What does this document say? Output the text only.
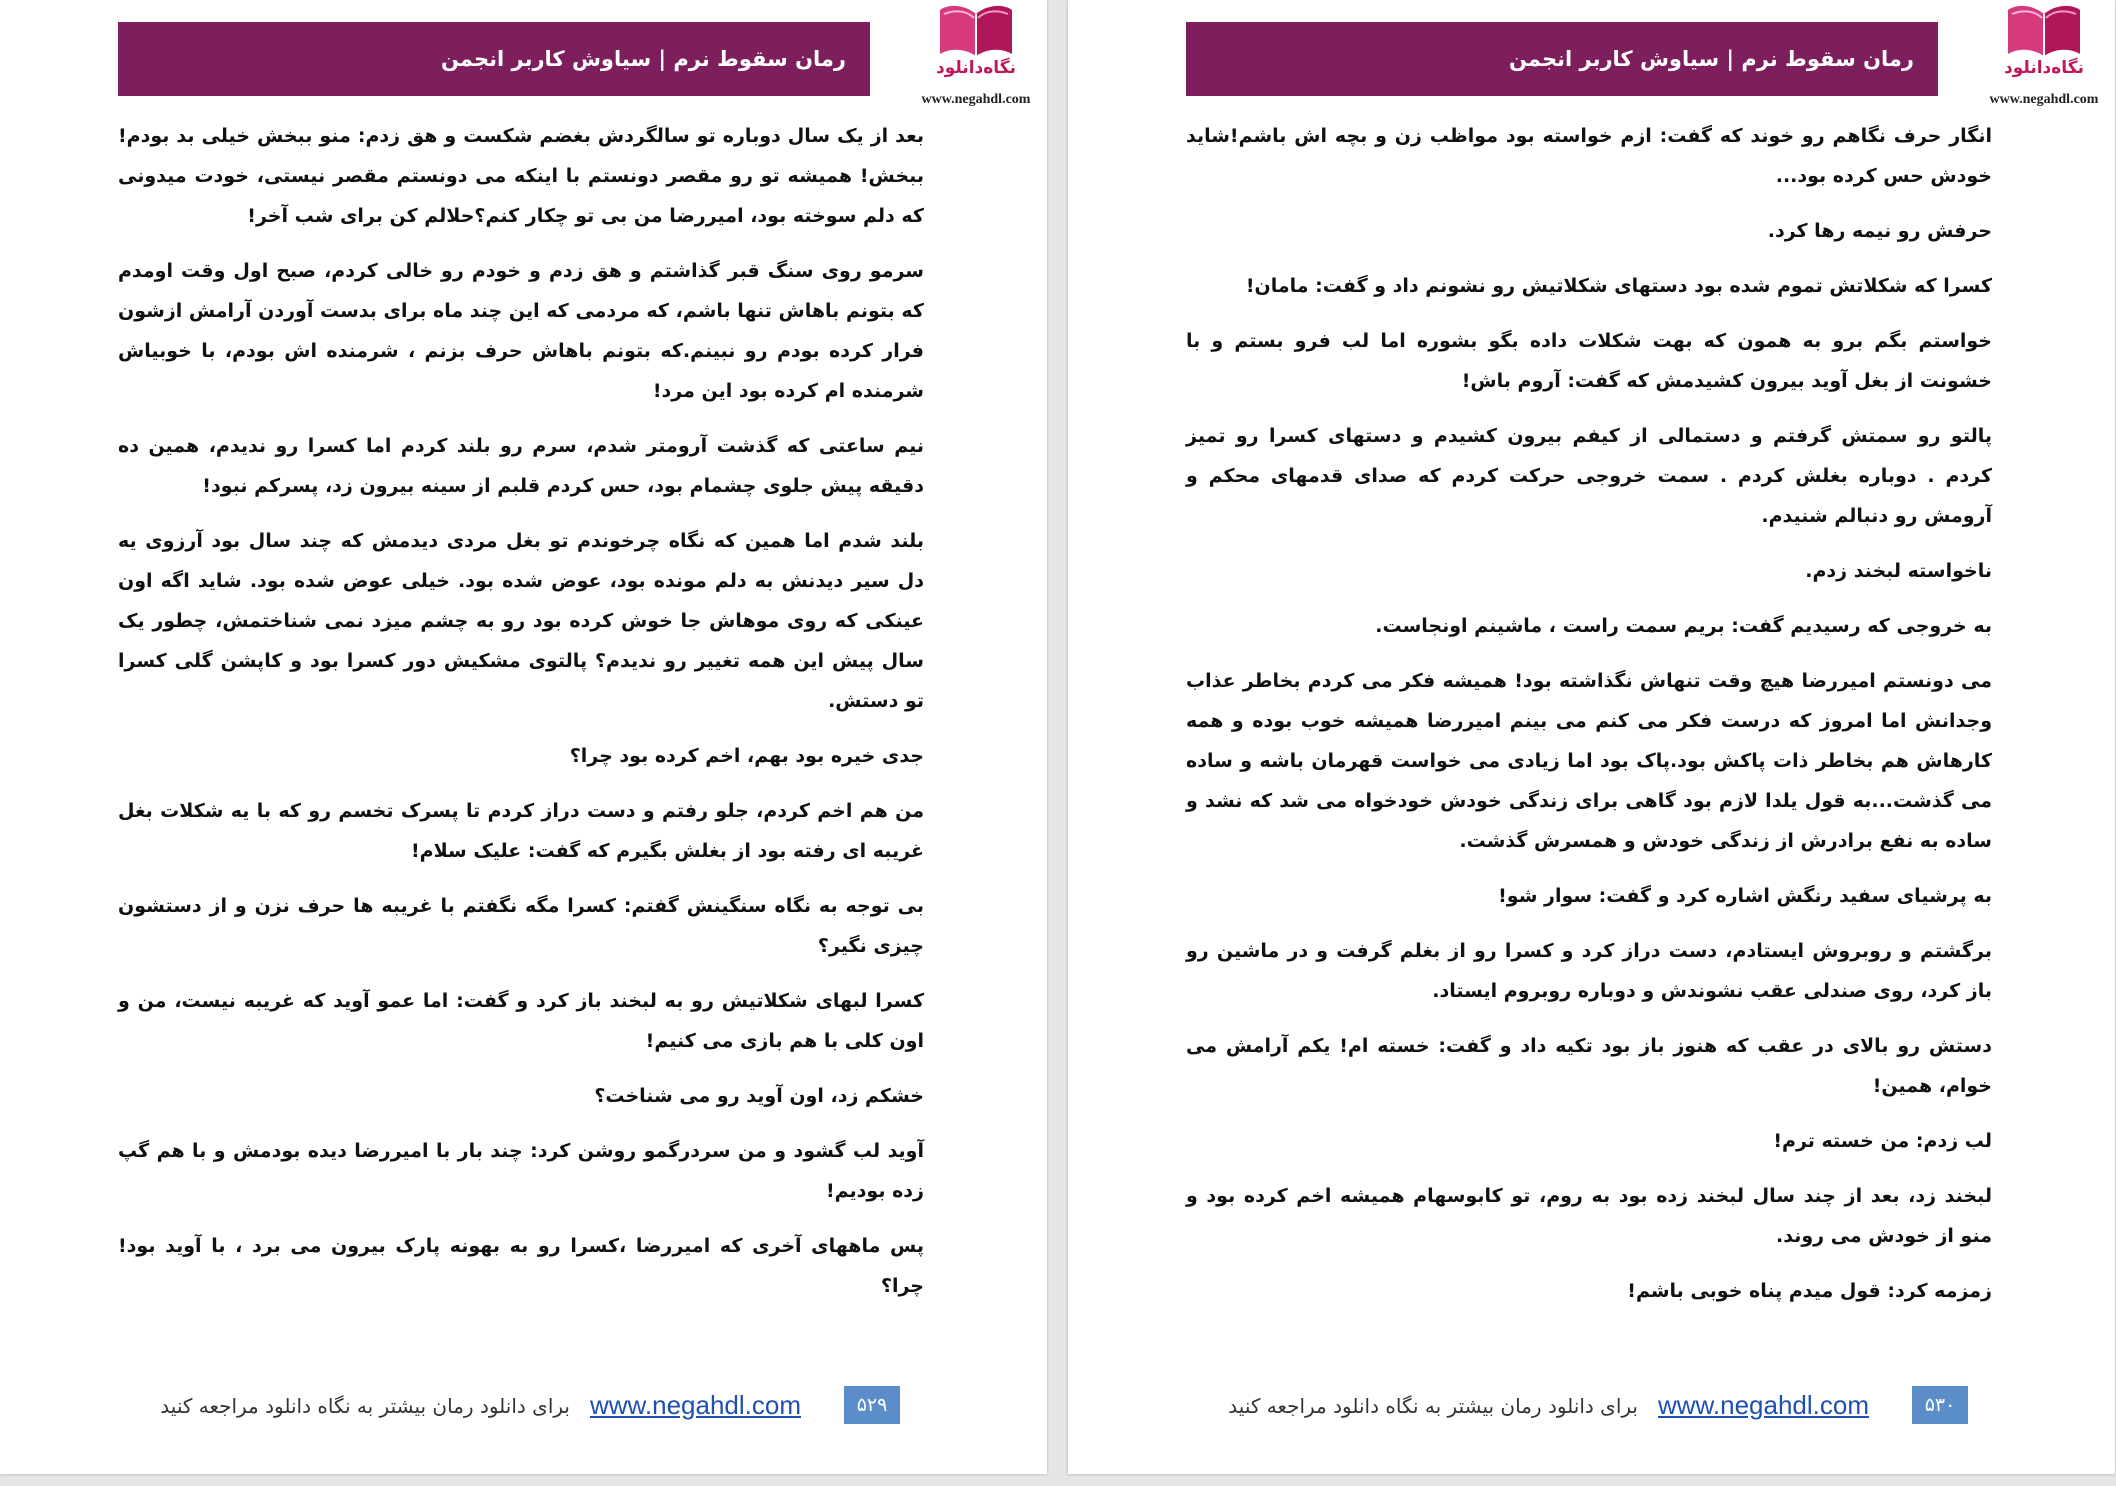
رمان سقوط نرم | سیاوش کاربر انجمن	نگاه‌دانلود
www.negahdl.com

بعد از یک سال دوباره تو سالگردش بغضم شکست و هق زدم: منو ببخش خیلی بد بودم! ببخش! همیشه تو رو مقصر دونستم با اینکه می دونستم مقصر نیستی، خودت میدونی که دلم سوخته بود، امیررضا من بی تو چکار کنم؟حلالم کن برای شب آخر!

سرمو روی سنگ قبر گذاشتم و هق زدم و خودم رو خالی کردم، صبح اول وقت اومدم که بتونم باهاش تنها باشم، که مردمی که این چند ماه برای بدست آوردن آرامش ازشون فرار کرده بودم رو نبینم.که بتونم باهاش حرف بزنم ، شرمنده اش بودم، با خوبیاش شرمنده ام کرده بود این مرد!

نیم ساعتی که گذشت آرومتر شدم، سرم رو بلند کردم اما کسرا رو ندیدم، همین ده دقیقه پیش جلوی چشمام بود، حس کردم قلبم از سینه بیرون زد، پسرکم نبود!

بلند شدم اما همین که نگاه چرخوندم تو بغل مردی دیدمش که چند سال بود آرزوی یه دل سیر دیدنش به دلم مونده بود، عوض شده بود. خیلی عوض شده بود. شاید اگه اون عینکی که روی موهاش جا خوش کرده بود رو به چشم میزد نمی شناختمش، چطور یک سال پیش این همه تغییر رو ندیدم؟ پالتوی مشکیش دور کسرا بود و کاپشن گلی کسرا تو دستش.

جدی خیره بود بهم، اخم کرده بود چرا؟

من هم اخم کردم، جلو رفتم و دست دراز کردم تا پسرک تخسم رو که با یه شکلات بغل غریبه ای رفته بود از بغلش بگیرم که گفت: علیک سلام!

بی توجه به نگاه سنگینش گفتم: کسرا مگه نگفتم با غریبه ها حرف نزن و از دستشون چیزی نگیر؟

کسرا لبهای شکلاتیش رو به لبخند باز کرد و گفت: اما عمو آوید که غریبه نیست، من و اون کلی با هم بازی می کنیم!

خشکم زد، اون آوید رو می شناخت؟

آوید لب گشود و من سردرگمو روشن کرد: چند بار با امیررضا دیده بودمش و با هم گپ زده بودیم!

پس ماههای آخری که امیررضا ،کسرا رو به بهونه پارک بیرون می برد ، با آوید بود! چرا؟

۵۲۹
www.negahdl.com
برای دانلود رمان بیشتر به نگاه دانلود مراجعه کنید
رمان سقوط نرم | سیاوش کاربر انجمن	نگاه‌دانلود
www.negahdl.com

انگار حرف نگاهم رو خوند که گفت: ازم خواسته بود مواظب زن و بچه اش باشم!شاید خودش حس کرده بود...

حرفش رو نیمه رها کرد.

کسرا که شکلاتش تموم شده بود دستهای شکلاتیش رو نشونم داد و گفت: مامان!

خواستم بگم برو به همون که بهت شکلات داده بگو بشوره اما لب فرو بستم و با خشونت از بغل آوید بیرون کشیدمش که گفت: آروم باش!

پالتو رو سمتش گرفتم و دستمالی از کیفم بیرون کشیدم و دستهای کسرا رو تمیز کردم . دوباره بغلش کردم . سمت خروجی حرکت کردم که صدای قدمهای محکم و آرومش رو دنبالم شنیدم.

ناخواسته لبخند زدم.

به خروجی که رسیدیم گفت: بریم سمت راست ، ماشینم اونجاست.

می دونستم امیررضا هیچ وقت تنهاش نگذاشته بود! همیشه فکر می کردم بخاطر عذاب وجدانش اما امروز که درست فکر می کنم می بینم امیررضا همیشه خوب بوده و همه کارهاش هم بخاطر ذات پاکش بود.پاک بود اما زیادی می خواست قهرمان باشه و ساده می گذشت...به قول یلدا لازم بود گاهی برای زندگی خودش خودخواه می شد که نشد و ساده به نفع برادرش از زندگی خودش و همسرش گذشت.

به پرشیای سفید رنگش اشاره کرد و گفت: سوار شو!

برگشتم و روبروش ایستادم، دست دراز کرد و کسرا رو از بغلم گرفت و در ماشین رو باز کرد، روی صندلی عقب نشوندش و دوباره روبروم ایستاد.

دستش رو بالای در عقب که هنوز باز بود تکیه داد و گفت: خسته ام! یکم آرامش می خوام، همین!

لب زدم: من خسته ترم!

لبخند زد، بعد از چند سال لبخند زده بود به روم، تو کابوسهام همیشه اخم کرده بود و منو از خودش می روند.

زمزمه کرد: قول میدم پناه خوبی باشم!

۵۳۰
www.negahdl.com
برای دانلود رمان بیشتر به نگاه دانلود مراجعه کنید
